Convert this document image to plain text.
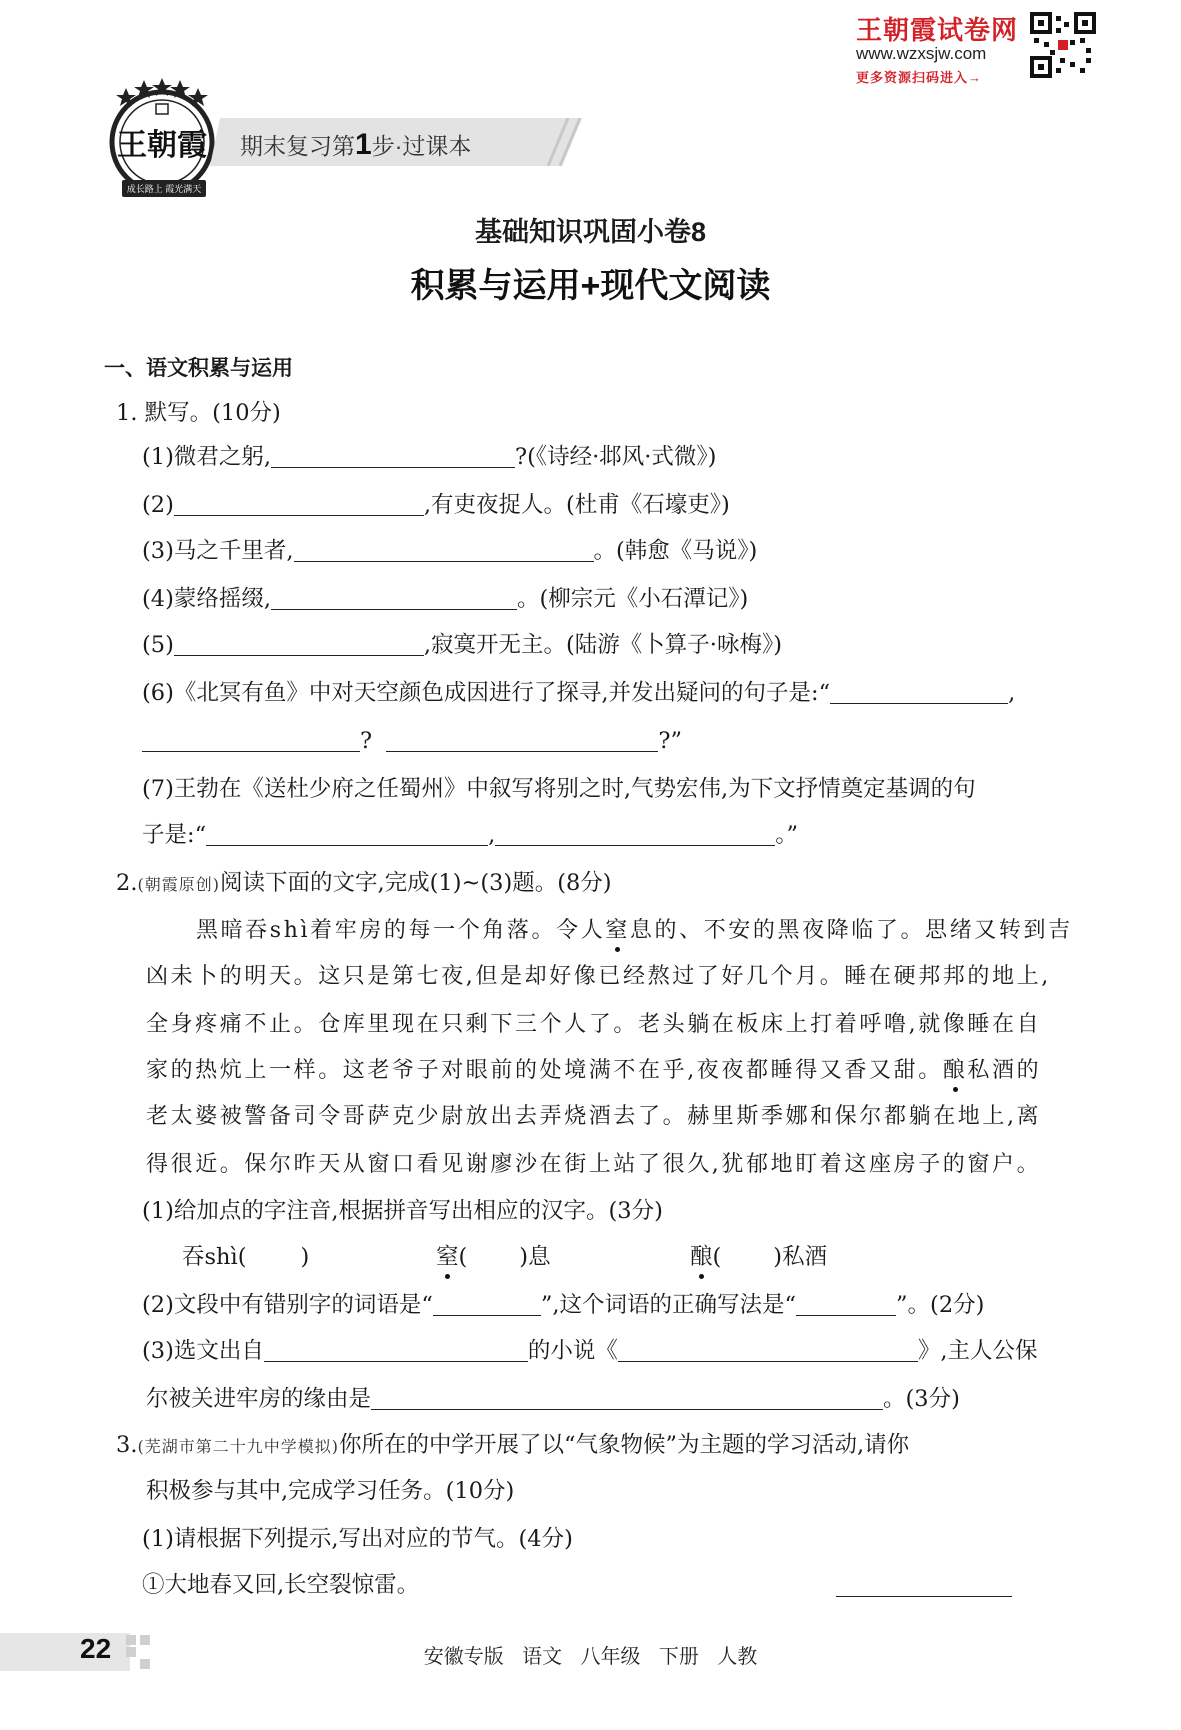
王朝霞试卷网
www.wzxsjw.com
更多资源扫码进入→
王朝霞
成长路上 霞光满天
期末复习第1步·过课本
基础知识巩固小卷8
积累与运用+现代文阅读
一、语文积累与运用
1. 默写。(10分)
(1)微君之躬,	?(《诗经·邶风·式微》)
(2)	,有吏夜捉人。(杜甫《石壕吏》)
(3)马之千里者,	。(韩愈《马说》)
(4)蒙络摇缀,	。(柳宗元《小石潭记》)
(5)	,寂寞开无主。(陆游《卜算子·咏梅》)
(6)《北冥有鱼》中对天空颜色成因进行了探寻,并发出疑问的句子是:“	,
?	?”
(7)王勃在《送杜少府之任蜀州》中叙写将别之时,气势宏伟,为下文抒情奠定基调的句
子是:“	,	。”
2.(朝霞原创)阅读下面的文字,完成(1)~(3)题。(8分)
黑暗吞shì着牢房的每一个角落。令人窒息的、不安的黑夜降临了。思绪又转到吉
凶未卜的明天。这只是第七夜,但是却好像已经熬过了好几个月。睡在硬邦邦的地上,
全身疼痛不止。仓库里现在只剩下三个人了。老头躺在板床上打着呼噜,就像睡在自
家的热炕上一样。这老爷子对眼前的处境满不在乎,夜夜都睡得又香又甜。酿私酒的
老太婆被警备司令哥萨克少尉放出去弄烧酒去了。赫里斯季娜和保尔都躺在地上,离
得很近。保尔昨天从窗口看见谢廖沙在街上站了很久,犹郁地盯着这座房子的窗户。
(1)给加点的字注音,根据拼音写出相应的汉字。(3分)
吞shì( )	窒( )息	酿( )私酒
(2)文段中有错别字的词语是“	”,这个词语的正确写法是“	”。(2分)
(3)选文出自	的小说《	》,主人公保
尔被关进牢房的缘由是	。(3分)
3.(芜湖市第二十九中学模拟)你所在的中学开展了以“气象物候”为主题的学习活动,请你
积极参与其中,完成学习任务。(10分)
(1)请根据下列提示,写出对应的节气。(4分)
①大地春又回,长空裂惊雷。
22	安徽专版 语文 八年级 下册 人教
